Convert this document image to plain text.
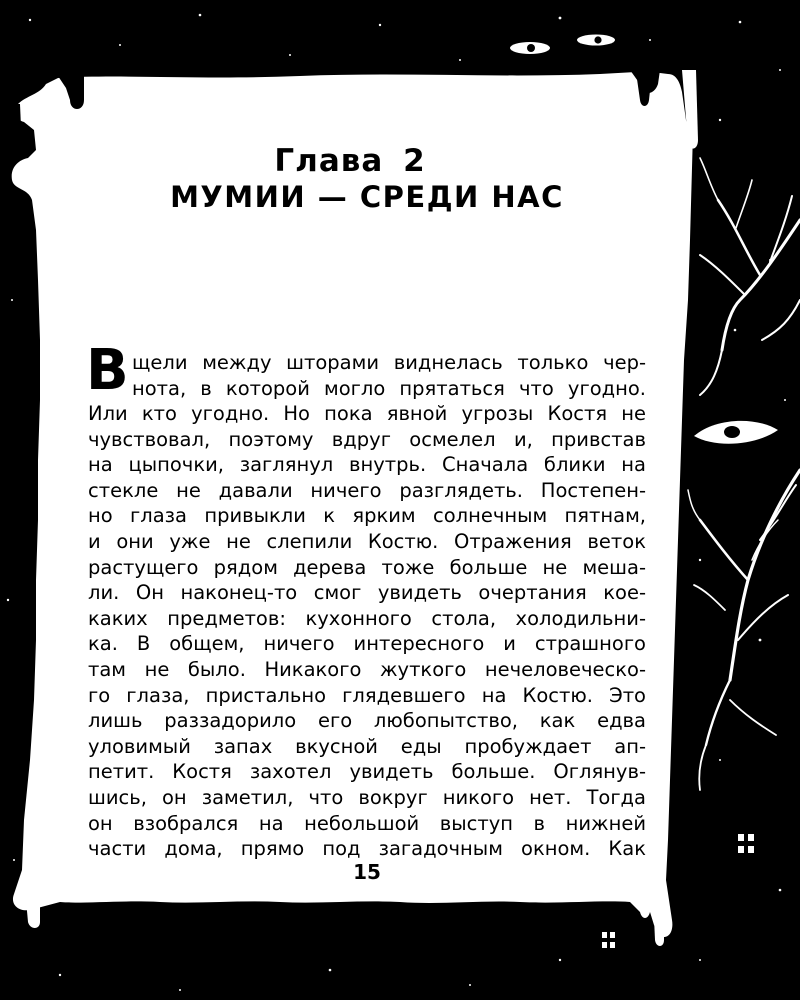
Глава 2
МУМИИ — СРЕДИ НАС
В щели между шторами виднелась только чер-
нота, в которой могло прятаться что угодно.
Или кто угодно. Но пока явной угрозы Костя не
чувствовал, поэтому вдруг осмелел и, привстав
на цыпочки, заглянул внутрь. Сначала блики на
стекле не давали ничего разглядеть. Постепен-
но глаза привыкли к ярким солнечным пятнам,
и они уже не слепили Костю. Отражения веток
растущего рядом дерева тоже больше не меша-
ли. Он наконец-то смог увидеть очертания кое-
каких предметов: кухонного стола, холодильни-
ка. В общем, ничего интересного и страшного
там не было. Никакого жуткого нечеловеческо-
го глаза, пристально глядевшего на Костю. Это
лишь раззадорило его любопытство, как едва
уловимый запах вкусной еды пробуждает ап-
петит. Костя захотел увидеть больше. Оглянув-
шись, он заметил, что вокруг никого нет. Тогда
он взобрался на небольшой выступ в нижней
части дома, прямо под загадочным окном. Как
15
